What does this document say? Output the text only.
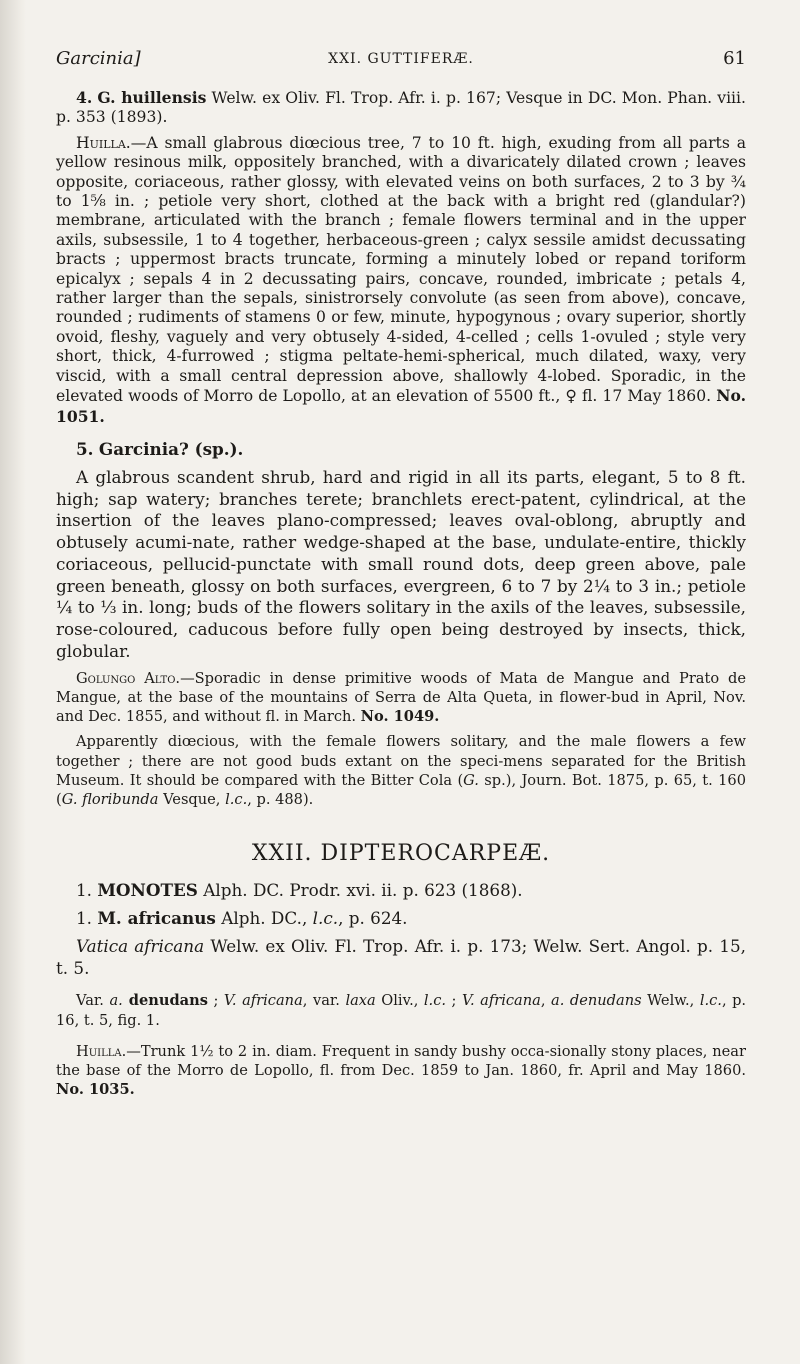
Garcinia]	XXI. GUTTIFERÆ.	61

4. G. huillensis Welw. ex Oliv. Fl. Trop. Afr. i. p. 167; Vesque in DC. Mon. Phan. viii. p. 353 (1893).

Huilla.—A small glabrous diœcious tree, 7 to 10 ft. high, exuding from all parts a yellow resinous milk, oppositely branched, with a divaricately dilated crown ; leaves opposite, coriaceous, rather glossy, with elevated veins on both surfaces, 2 to 3 by ¾ to 1⅝ in. ; petiole very short, clothed at the back with a bright red (glandular?) membrane, articulated with the branch ; female flowers terminal and in the upper axils, subsessile, 1 to 4 together, herbaceous-green ; calyx sessile amidst decussating bracts ; uppermost bracts truncate, forming a minutely lobed or repand toriform epicalyx ; sepals 4 in 2 decussating pairs, concave, rounded, imbricate ; petals 4, rather larger than the sepals, sinistrorsely convolute (as seen from above), concave, rounded ; rudiments of stamens 0 or few, minute, hypogynous ; ovary superior, shortly ovoid, fleshy, vaguely and very obtusely 4-sided, 4-celled ; cells 1-ovuled ; style very short, thick, 4-furrowed ; stigma peltate-hemi-spherical, much dilated, waxy, very viscid, with a small central depression above, shallowly 4-lobed. Sporadic, in the elevated woods of Morro de Lopollo, at an elevation of 5500 ft., ♀ fl. 17 May 1860. No. 1051.

5. Garcinia? (sp.).

A glabrous scandent shrub, hard and rigid in all its parts, elegant, 5 to 8 ft. high; sap watery; branches terete; branchlets erect-patent, cylindrical, at the insertion of the leaves plano-compressed; leaves oval-oblong, abruptly and obtusely acumi-nate, rather wedge-shaped at the base, undulate-entire, thickly coriaceous, pellucid-punctate with small round dots, deep green above, pale green beneath, glossy on both surfaces, evergreen, 6 to 7 by 2¼ to 3 in.; petiole ¼ to ⅓ in. long; buds of the flowers solitary in the axils of the leaves, subsessile, rose-coloured, caducous before fully open being destroyed by insects, thick, globular.

Golungo Alto.—Sporadic in dense primitive woods of Mata de Mangue and Prato de Mangue, at the base of the mountains of Serra de Alta Queta, in flower-bud in April, Nov. and Dec. 1855, and without fl. in March. No. 1049.

Apparently diœcious, with the female flowers solitary, and the male flowers a few together ; there are not good buds extant on the speci-mens separated for the British Museum. It should be compared with the Bitter Cola (G. sp.), Journ. Bot. 1875, p. 65, t. 160 (G. floribunda Vesque, l.c., p. 488).

XXII. DIPTEROCARPEÆ.

1. MONOTES Alph. DC. Prodr. xvi. ii. p. 623 (1868).

1. M. africanus Alph. DC., l.c., p. 624.

Vatica africana Welw. ex Oliv. Fl. Trop. Afr. i. p. 173; Welw. Sert. Angol. p. 15, t. 5.

Var. a. denudans ; V. africana, var. laxa Oliv., l.c. ; V. africana, a. denudans Welw., l.c., p. 16, t. 5, fig. 1.

Huilla.—Trunk 1½ to 2 in. diam. Frequent in sandy bushy occa-sionally stony places, near the base of the Morro de Lopollo, fl. from Dec. 1859 to Jan. 1860, fr. April and May 1860. No. 1035.
